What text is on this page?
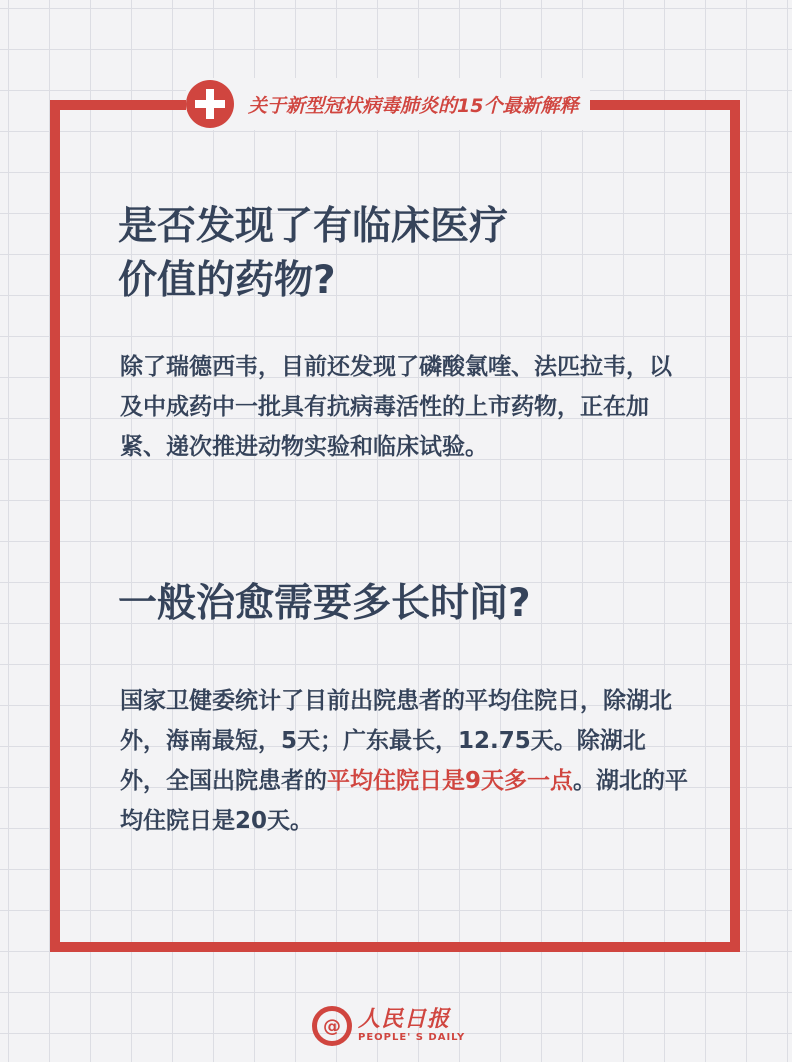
关于新型冠状病毒肺炎的15个最新解释
是否发现了有临床医疗
价值的药物?

除了瑞德西韦，目前还发现了磷酸氯喹、法匹拉韦，以及中成药中一批具有抗病毒活性的上市药物，正在加紧、递次推进动物实验和临床试验。

一般治愈需要多长时间?

国家卫健委统计了目前出院患者的平均住院日，除湖北外，海南最短，5天；广东最长，12.75天。除湖北外，全国出院患者的平均住院日是9天多一点。湖北的平均住院日是20天。

@ 人民日报
PEOPLE' S DAILY
